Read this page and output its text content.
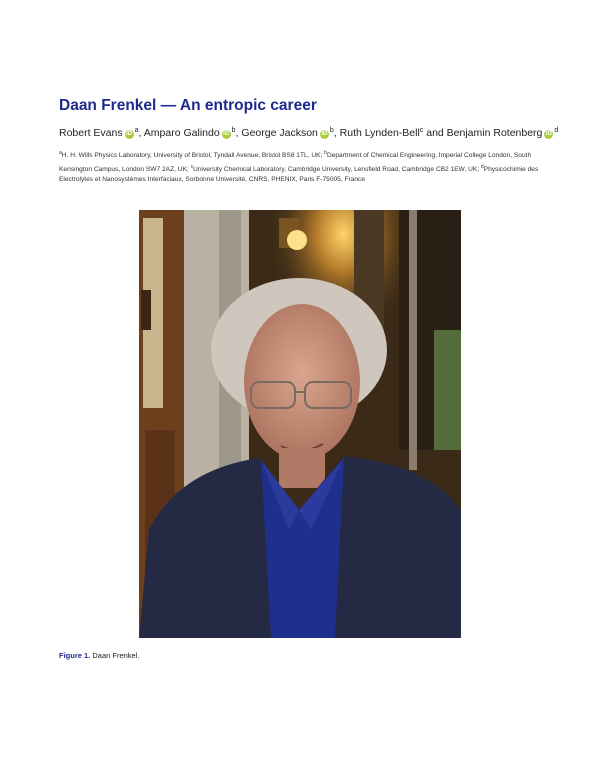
Daan Frenkel — An entropic career
Robert Evans iD $^a$, Amparo Galindo iD $^b$, George Jackson iD $^b$, Ruth Lynden-Bell$^c$ and Benjamin Rotenberg iD $^d$
$^a$H. H. Wills Physics Laboratory, University of Bristol, Tyndall Avenue, Bristol BS8 1TL, UK; $^b$Department of Chemical Engineering, Imperial College London, South Kensington Campus, London SW7 2AZ, UK; $^c$University Chemical Laboratory, Cambridge University, Lensfield Road, Cambridge CB2 1EW, UK; $^d$Physicochimie des Electrolytes et Nanosystèmes Interfaciaux, Sorbonne Université, CNRS, PHENIX, Paris F-75005, France
Figure 1. Daan Frenkel.
